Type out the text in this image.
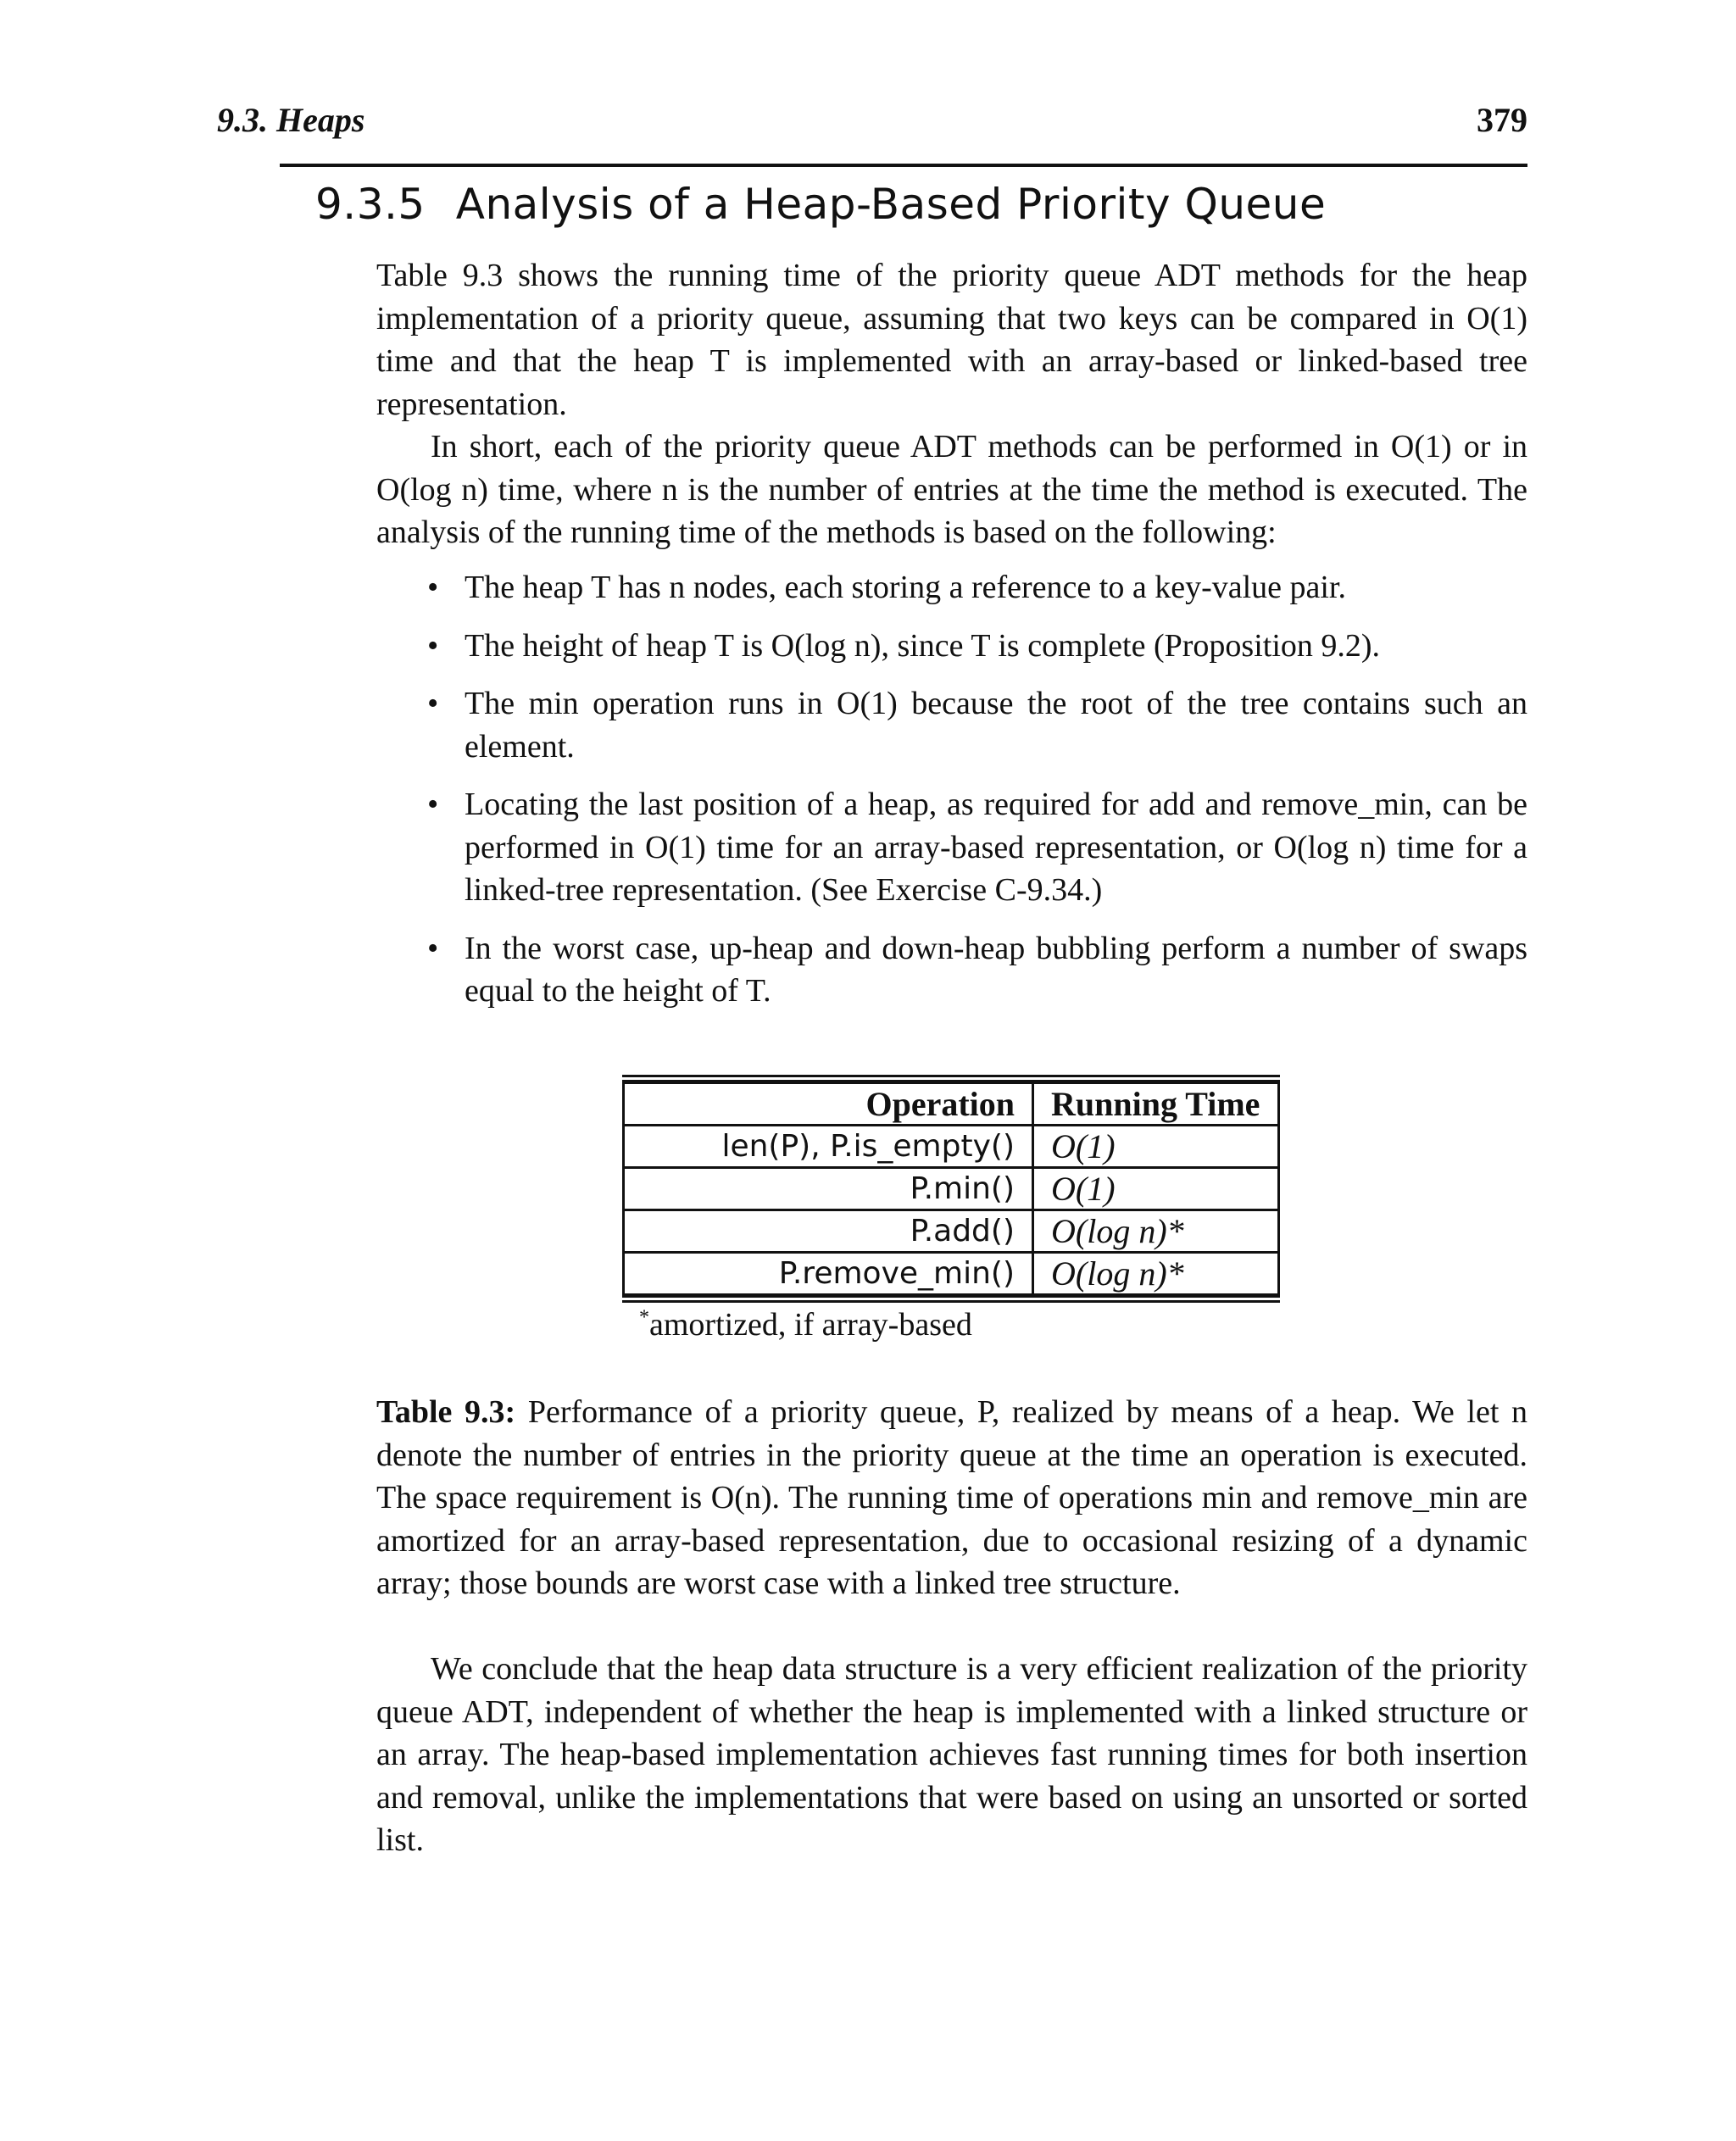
9.3. Heaps	379
9.3.5 Analysis of a Heap-Based Priority Queue

Table 9.3 shows the running time of the priority queue ADT methods for the heap implementation of a priority queue, assuming that two keys can be compared in O(1) time and that the heap T is implemented with an array-based or linked-based tree representation.

In short, each of the priority queue ADT methods can be performed in O(1) or in O(log n) time, where n is the number of entries at the time the method is executed. The analysis of the running time of the methods is based on the following:

• The heap T has n nodes, each storing a reference to a key-value pair.
• The height of heap T is O(log n), since T is complete (Proposition 9.2).
• The min operation runs in O(1) because the root of the tree contains such an element.
• Locating the last position of a heap, as required for add and remove_min, can be performed in O(1) time for an array-based representation, or O(log n) time for a linked-tree representation. (See Exercise C-9.34.)
• In the worst case, up-heap and down-heap bubbling perform a number of swaps equal to the height of T.
Operation	Running Time
len(P), P.is_empty()	O(1)
P.min()	O(1)
P.add()	O(log n)*
P.remove_min()	O(log n)*
*amortized, if array-based

Table 9.3: Performance of a priority queue, P, realized by means of a heap. We let n denote the number of entries in the priority queue at the time an operation is executed. The space requirement is O(n). The running time of operations min and remove_min are amortized for an array-based representation, due to occasional resizing of a dynamic array; those bounds are worst case with a linked tree structure.

We conclude that the heap data structure is a very efficient realization of the priority queue ADT, independent of whether the heap is implemented with a linked structure or an array. The heap-based implementation achieves fast running times for both insertion and removal, unlike the implementations that were based on using an unsorted or sorted list.
